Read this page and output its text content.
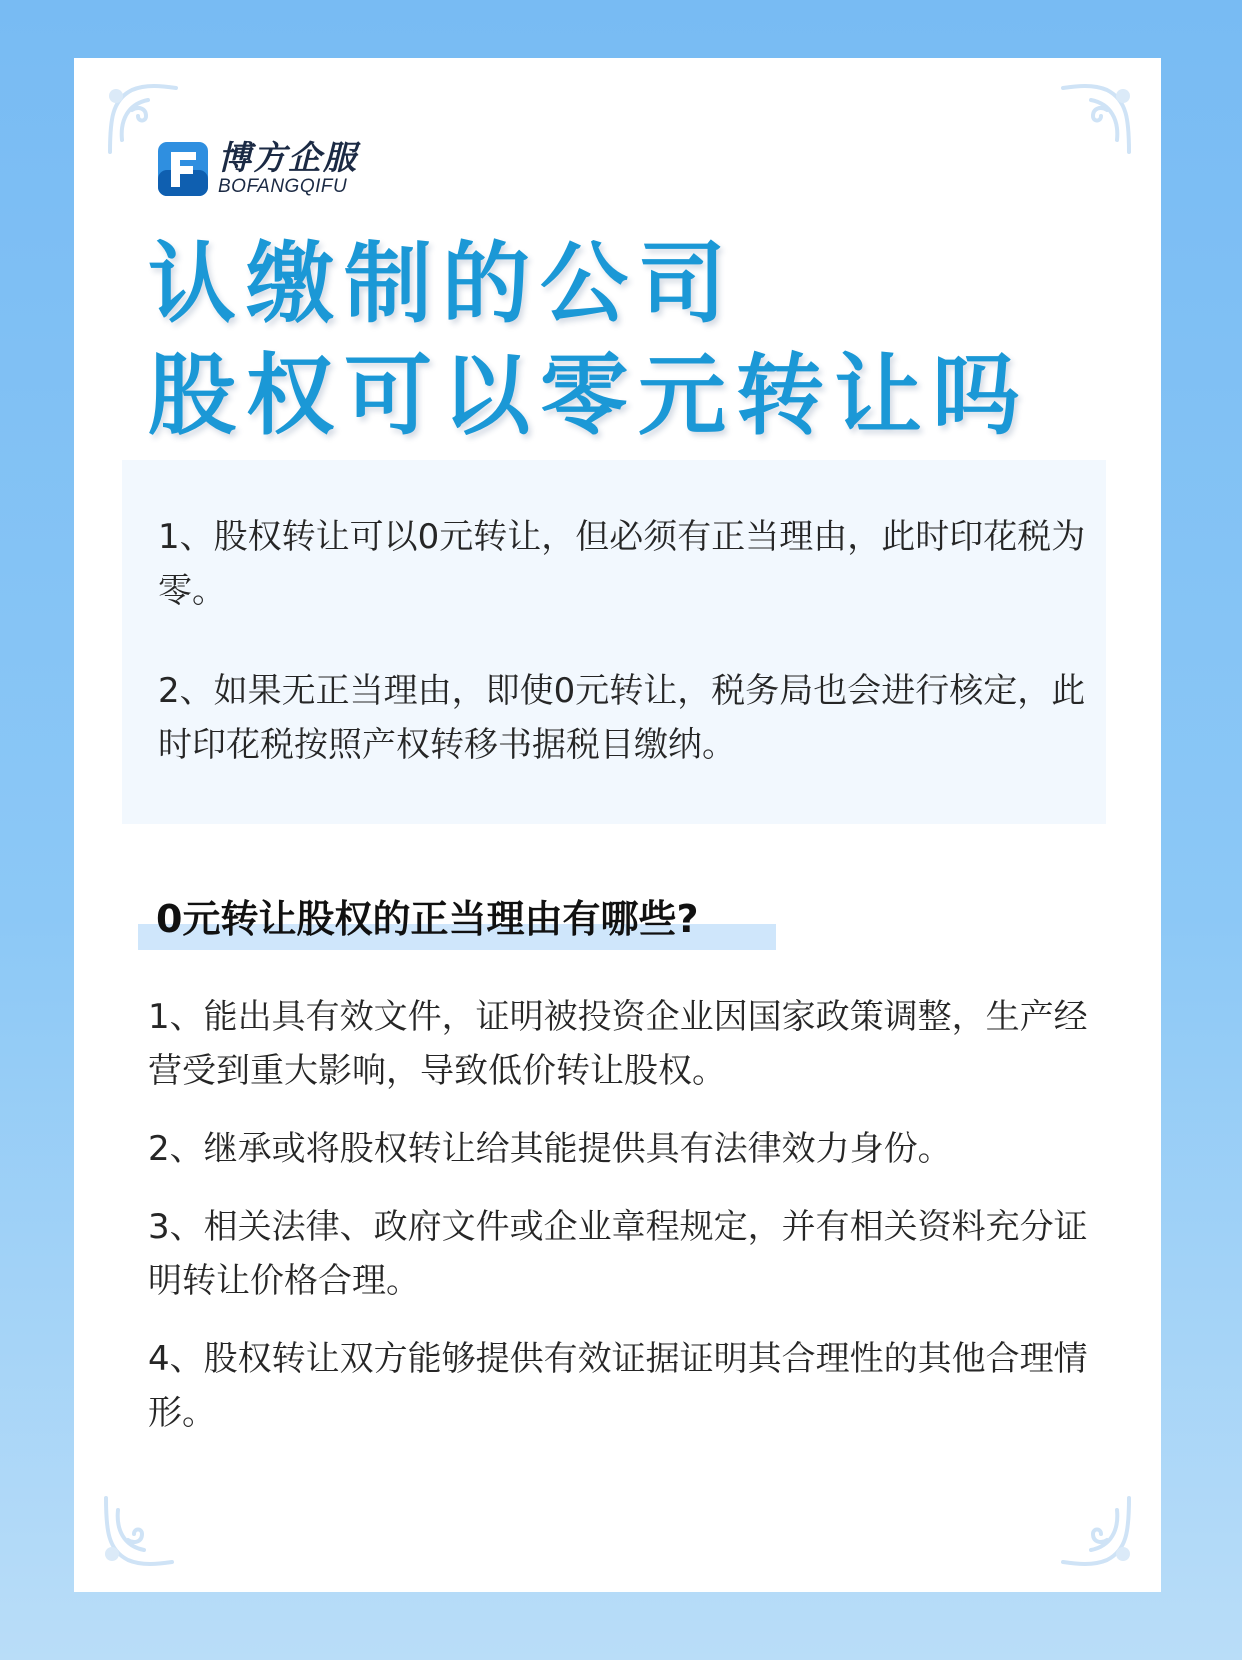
博方企服
BOFANGQIFU
认缴制的公司
股权可以零元转让吗

1、股权转让可以0元转让，但必须有正当理由，此时印花税为零。

2、如果无正当理由，即使0元转让，税务局也会进行核定，此时印花税按照产权转移书据税目缴纳。

0元转让股权的正当理由有哪些?
1、能出具有效文件，证明被投资企业因国家政策调整，生产经营受到重大影响，导致低价转让股权。
2、继承或将股权转让给其能提供具有法律效力身份。
3、相关法律、政府文件或企业章程规定，并有相关资料充分证明转让价格合理。
4、股权转让双方能够提供有效证据证明其合理性的其他合理情形。
